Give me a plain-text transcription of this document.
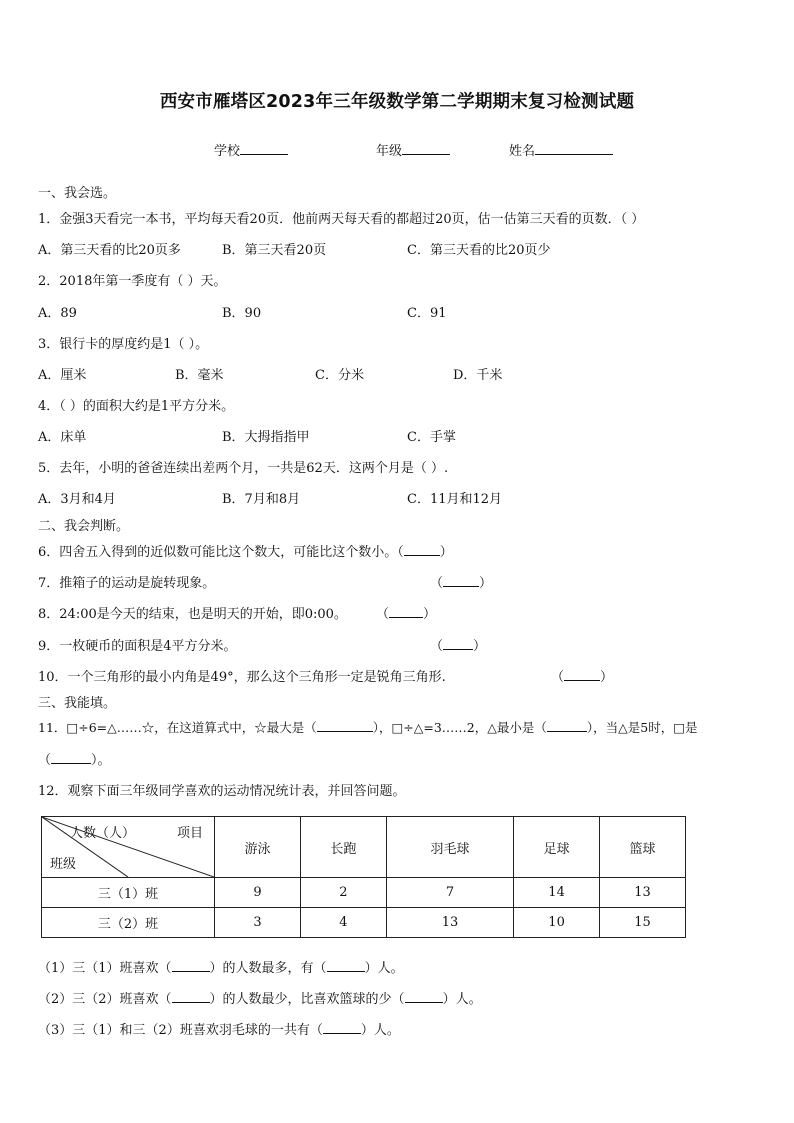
西安市雁塔区2023年三年级数学第二学期期末复习检测试题
学校	年级	姓名
一、我会选。
1．金强3天看完一本书，平均每天看20页．他前两天每天看的都超过20页，估一估第三天看的页数．（ ）
A．第三天看的比20页多	B．第三天看20页	C．第三天看的比20页少
2．2018年第一季度有（ ）天。
A．89	B．90	C．91
3．银行卡的厚度约是1（ ）。
A．厘米	B．毫米	C．分米	D．千米
4．（ ）的面积大约是1平方分米。
A．床单	B．大拇指指甲	C．手掌
5．去年，小明的爸爸连续出差两个月，一共是62天．这两个月是（ ）.
A．3月和4月	B．7月和8月	C．11月和12月
二、我会判断。
6．四舍五入得到的近似数可能比这个数大，可能比这个数小。（	）
7．推箱子的运动是旋转现象。	（	）
8．24:00是今天的结束，也是明天的开始，即0:00。 （	）
9．一枚硬币的面积是4平方分米。	（ ）
10．一个三角形的最小内角是49°，那么这个三角形一定是锐角三角形.	（	）
三、我能填。
11．□÷6=△……☆，在这道算式中，☆最大是（	），□÷△=3……2，△最小是（	），当△是5时，□是
（	）。
12．观察下面三年级同学喜欢的运动情况统计表，并回答问题。
人数（人） 项目
班级	游泳	长跑	羽毛球	足球	篮球
三（1）班	9	2	7	14	13
三（2）班	3	4	13	10	15
（1）三（1）班喜欢（	）的人数最多，有（	）人。
（2）三（2）班喜欢（	）的人数最少，比喜欢篮球的少（	）人。
（3）三（1）和三（2）班喜欢羽毛球的一共有（	）人。
